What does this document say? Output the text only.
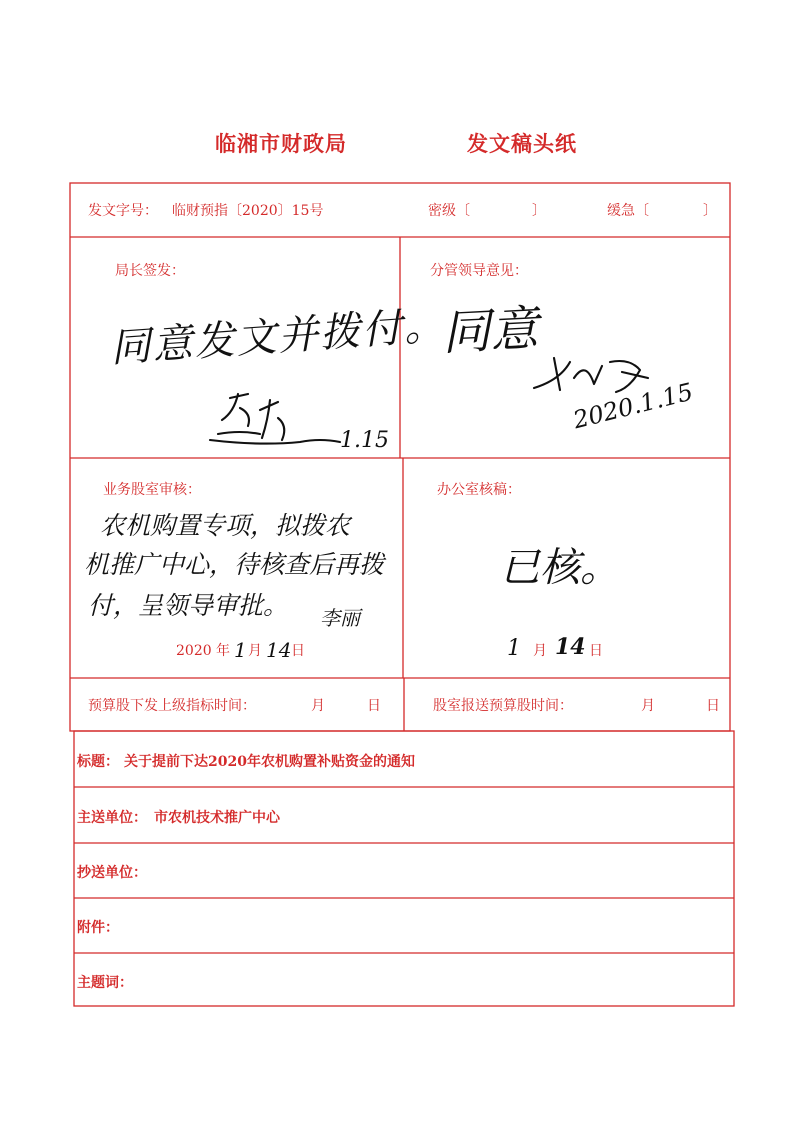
临湘市财政局	发文稿头纸
发文字号： 临财预指〔2020〕15号	密级〔	〕	缓急〔	〕
局长签发：
同意发文并拨付。
1.15
分管领导意见：
同意
2020.1.15
业务股室审核：
农机购置专项，拟拨农
机推广中心，待核查后再拨
付，呈领导审批。 李丽
2020 年 1 月 14 日
办公室核稿：
已核。
1 月 14 日
预算股下发上级指标时间：	月	日	股室报送预算股时间：	月	日
标题： 关于提前下达2020年农机购置补贴资金的通知
主送单位： 市农机技术推广中心
抄送单位：
附件：
主题词：
